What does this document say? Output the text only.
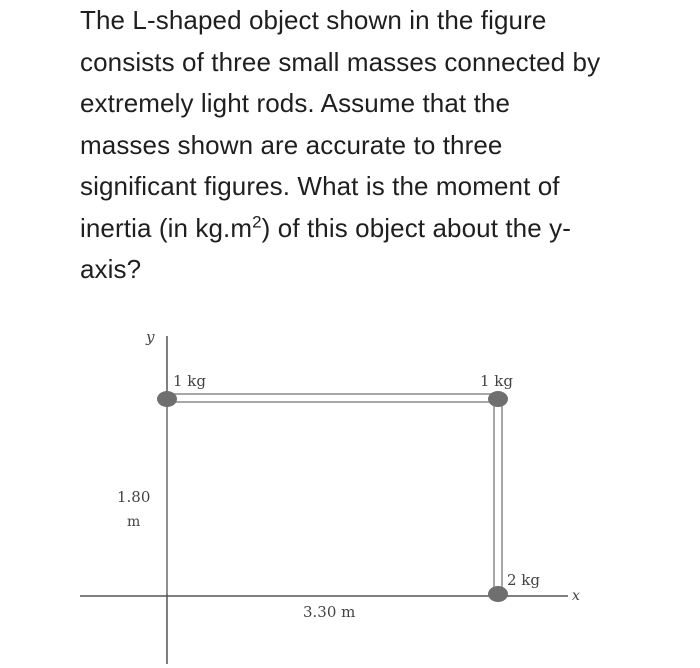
The L-shaped object shown in the figure
consists of three small masses connected by
extremely light rods. Assume that the
masses shown are accurate to three
significant figures. What is the moment of
inertia (in $kg.m^2$) of this object about the y-
axis?
y
x
1 kg	1 kg
2 kg
1.80
m
3.30 m
